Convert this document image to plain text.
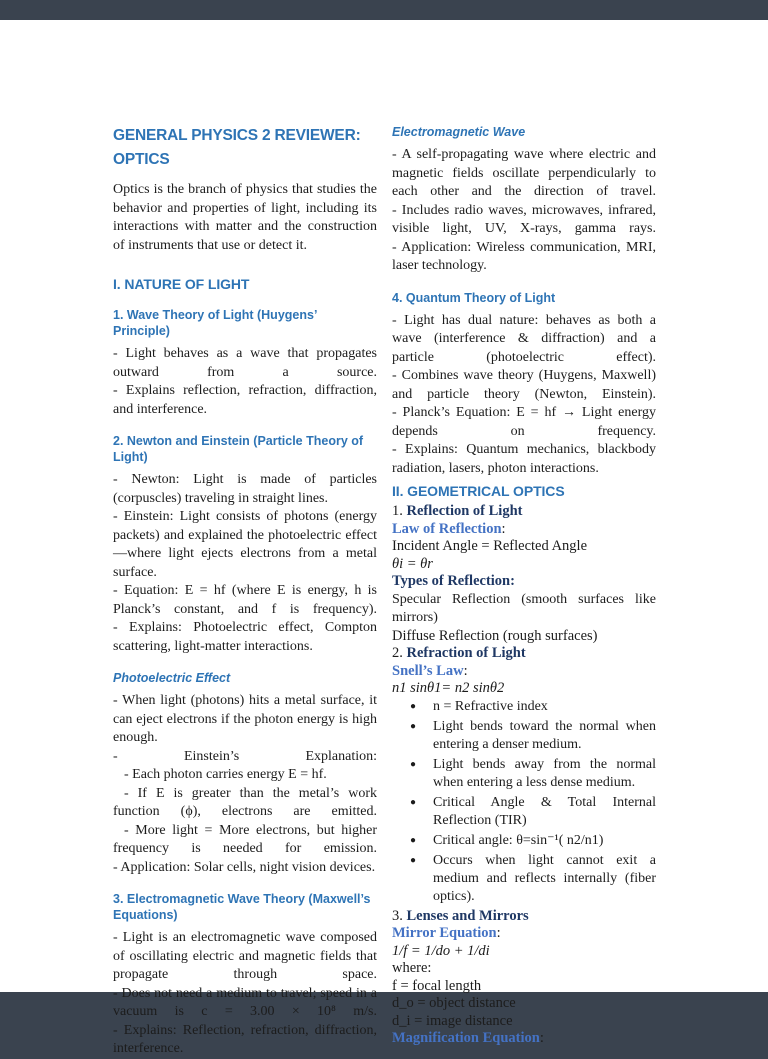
GENERAL PHYSICS 2 REVIEWER: OPTICS
Optics is the branch of physics that studies the behavior and properties of light, including its interactions with matter and the construction of instruments that use or detect it.
I. NATURE OF LIGHT
1. Wave Theory of Light (Huygens’ Principle)
- Light behaves as a wave that propagates outward from a source.
- Explains reflection, refraction, diffraction, and interference.
2. Newton and Einstein (Particle Theory of Light)
- Newton: Light is made of particles (corpuscles) traveling in straight lines.
- Einstein: Light consists of photons (energy packets) and explained the photoelectric effect—where light ejects electrons from a metal surface.
- Equation: E = hf (where E is energy, h is Planck’s constant, and f is frequency).
- Explains: Photoelectric effect, Compton scattering, light-matter interactions.
Photoelectric Effect
- When light (photons) hits a metal surface, it can eject electrons if the photon energy is high enough.
- Einstein’s Explanation:
- Each photon carries energy E = hf.
- If E is greater than the metal’s work function (ϕ), electrons are emitted.
- More light = More electrons, but higher frequency is needed for emission.
- Application: Solar cells, night vision devices.
3. Electromagnetic Wave Theory (Maxwell’s Equations)
- Light is an electromagnetic wave composed of oscillating electric and magnetic fields that propagate through space.
- Does not need a medium to travel; speed in a vacuum is c = 3.00 × 10⁸ m/s.
- Explains: Reflection, refraction, diffraction, interference.
Electromagnetic Wave
- A self-propagating wave where electric and magnetic fields oscillate perpendicularly to each other and the direction of travel.
- Includes radio waves, microwaves, infrared, visible light, UV, X-rays, gamma rays.
- Application: Wireless communication, MRI, laser technology.
4. Quantum Theory of Light
- Light has dual nature: behaves as both a wave (interference & diffraction) and a particle (photoelectric effect).
- Combines wave theory (Huygens, Maxwell) and particle theory (Newton, Einstein).
- Planck’s Equation: E = hf → Light energy depends on frequency.
- Explains: Quantum mechanics, blackbody radiation, lasers, photon interactions.
II. GEOMETRICAL OPTICS
1. Reflection of Light
Law of Reflection:
Incident Angle = Reflected Angle
θi = θr
Types of Reflection:
Specular Reflection (smooth surfaces like mirrors)
Diffuse Reflection (rough surfaces)
2. Refraction of Light
Snell’s Law:
n1 sinθ1= n2 sinθ2
●	n = Refractive index
●	Light bends toward the normal when entering a denser medium.
●	Light bends away from the normal when entering a less dense medium.
●	Critical Angle & Total Internal Reflection (TIR)
●	Critical angle: θ=sin⁻¹( n2/n1)
●	Occurs when light cannot exit a medium and reflects internally (fiber optics).
3. Lenses and Mirrors
Mirror Equation:
1/f = 1/do + 1/di
where:
f = focal length
d_o = object distance
d_i = image distance
Magnification Equation:
